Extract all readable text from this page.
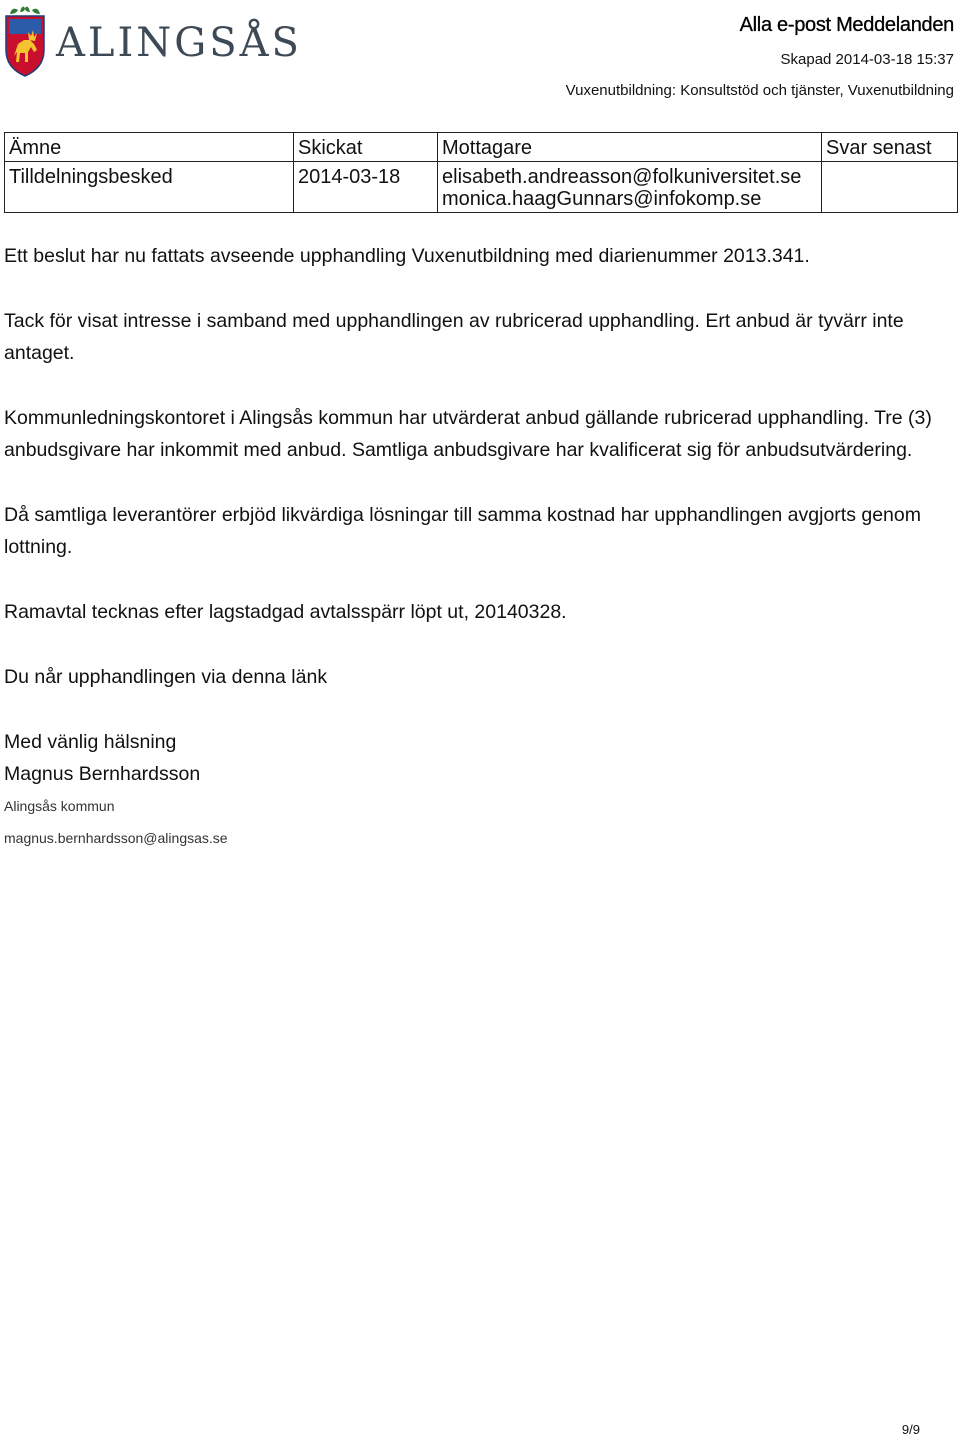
ALINGSÅS	Alla e-post Meddelanden
Skapad 2014-03-18 15:37
Vuxenutbildning: Konsultstöd och tjänster, Vuxenutbildning
Ämne	Skickat	Mottagare	Svar senast
Tilldelningsbesked	2014-03-18	elisabeth.andreasson@folkuniversitet.se
monica.haagGunnars@infokomp.se	

Ett beslut har nu fattats avseende upphandling Vuxenutbildning med diarienummer 2013.341.

Tack för visat intresse i samband med upphandlingen av rubricerad upphandling. Ert anbud är tyvärr inte antaget.

Kommunledningskontoret i Alingsås kommun har utvärderat anbud gällande rubricerad upphandling. Tre (3) anbudsgivare har inkommit med anbud. Samtliga anbudsgivare har kvalificerat sig för anbudsutvärdering.

Då samtliga leverantörer erbjöd likvärdiga lösningar till samma kostnad har upphandlingen avgjorts genom lottning.

Ramavtal tecknas efter lagstadgad avtalsspärr löpt ut, 20140328.

Du når upphandlingen via denna länk

Med vänlig hälsning

Magnus Bernhardsson

Alingsås kommun

magnus.bernhardsson@alingsas.se

9/9
